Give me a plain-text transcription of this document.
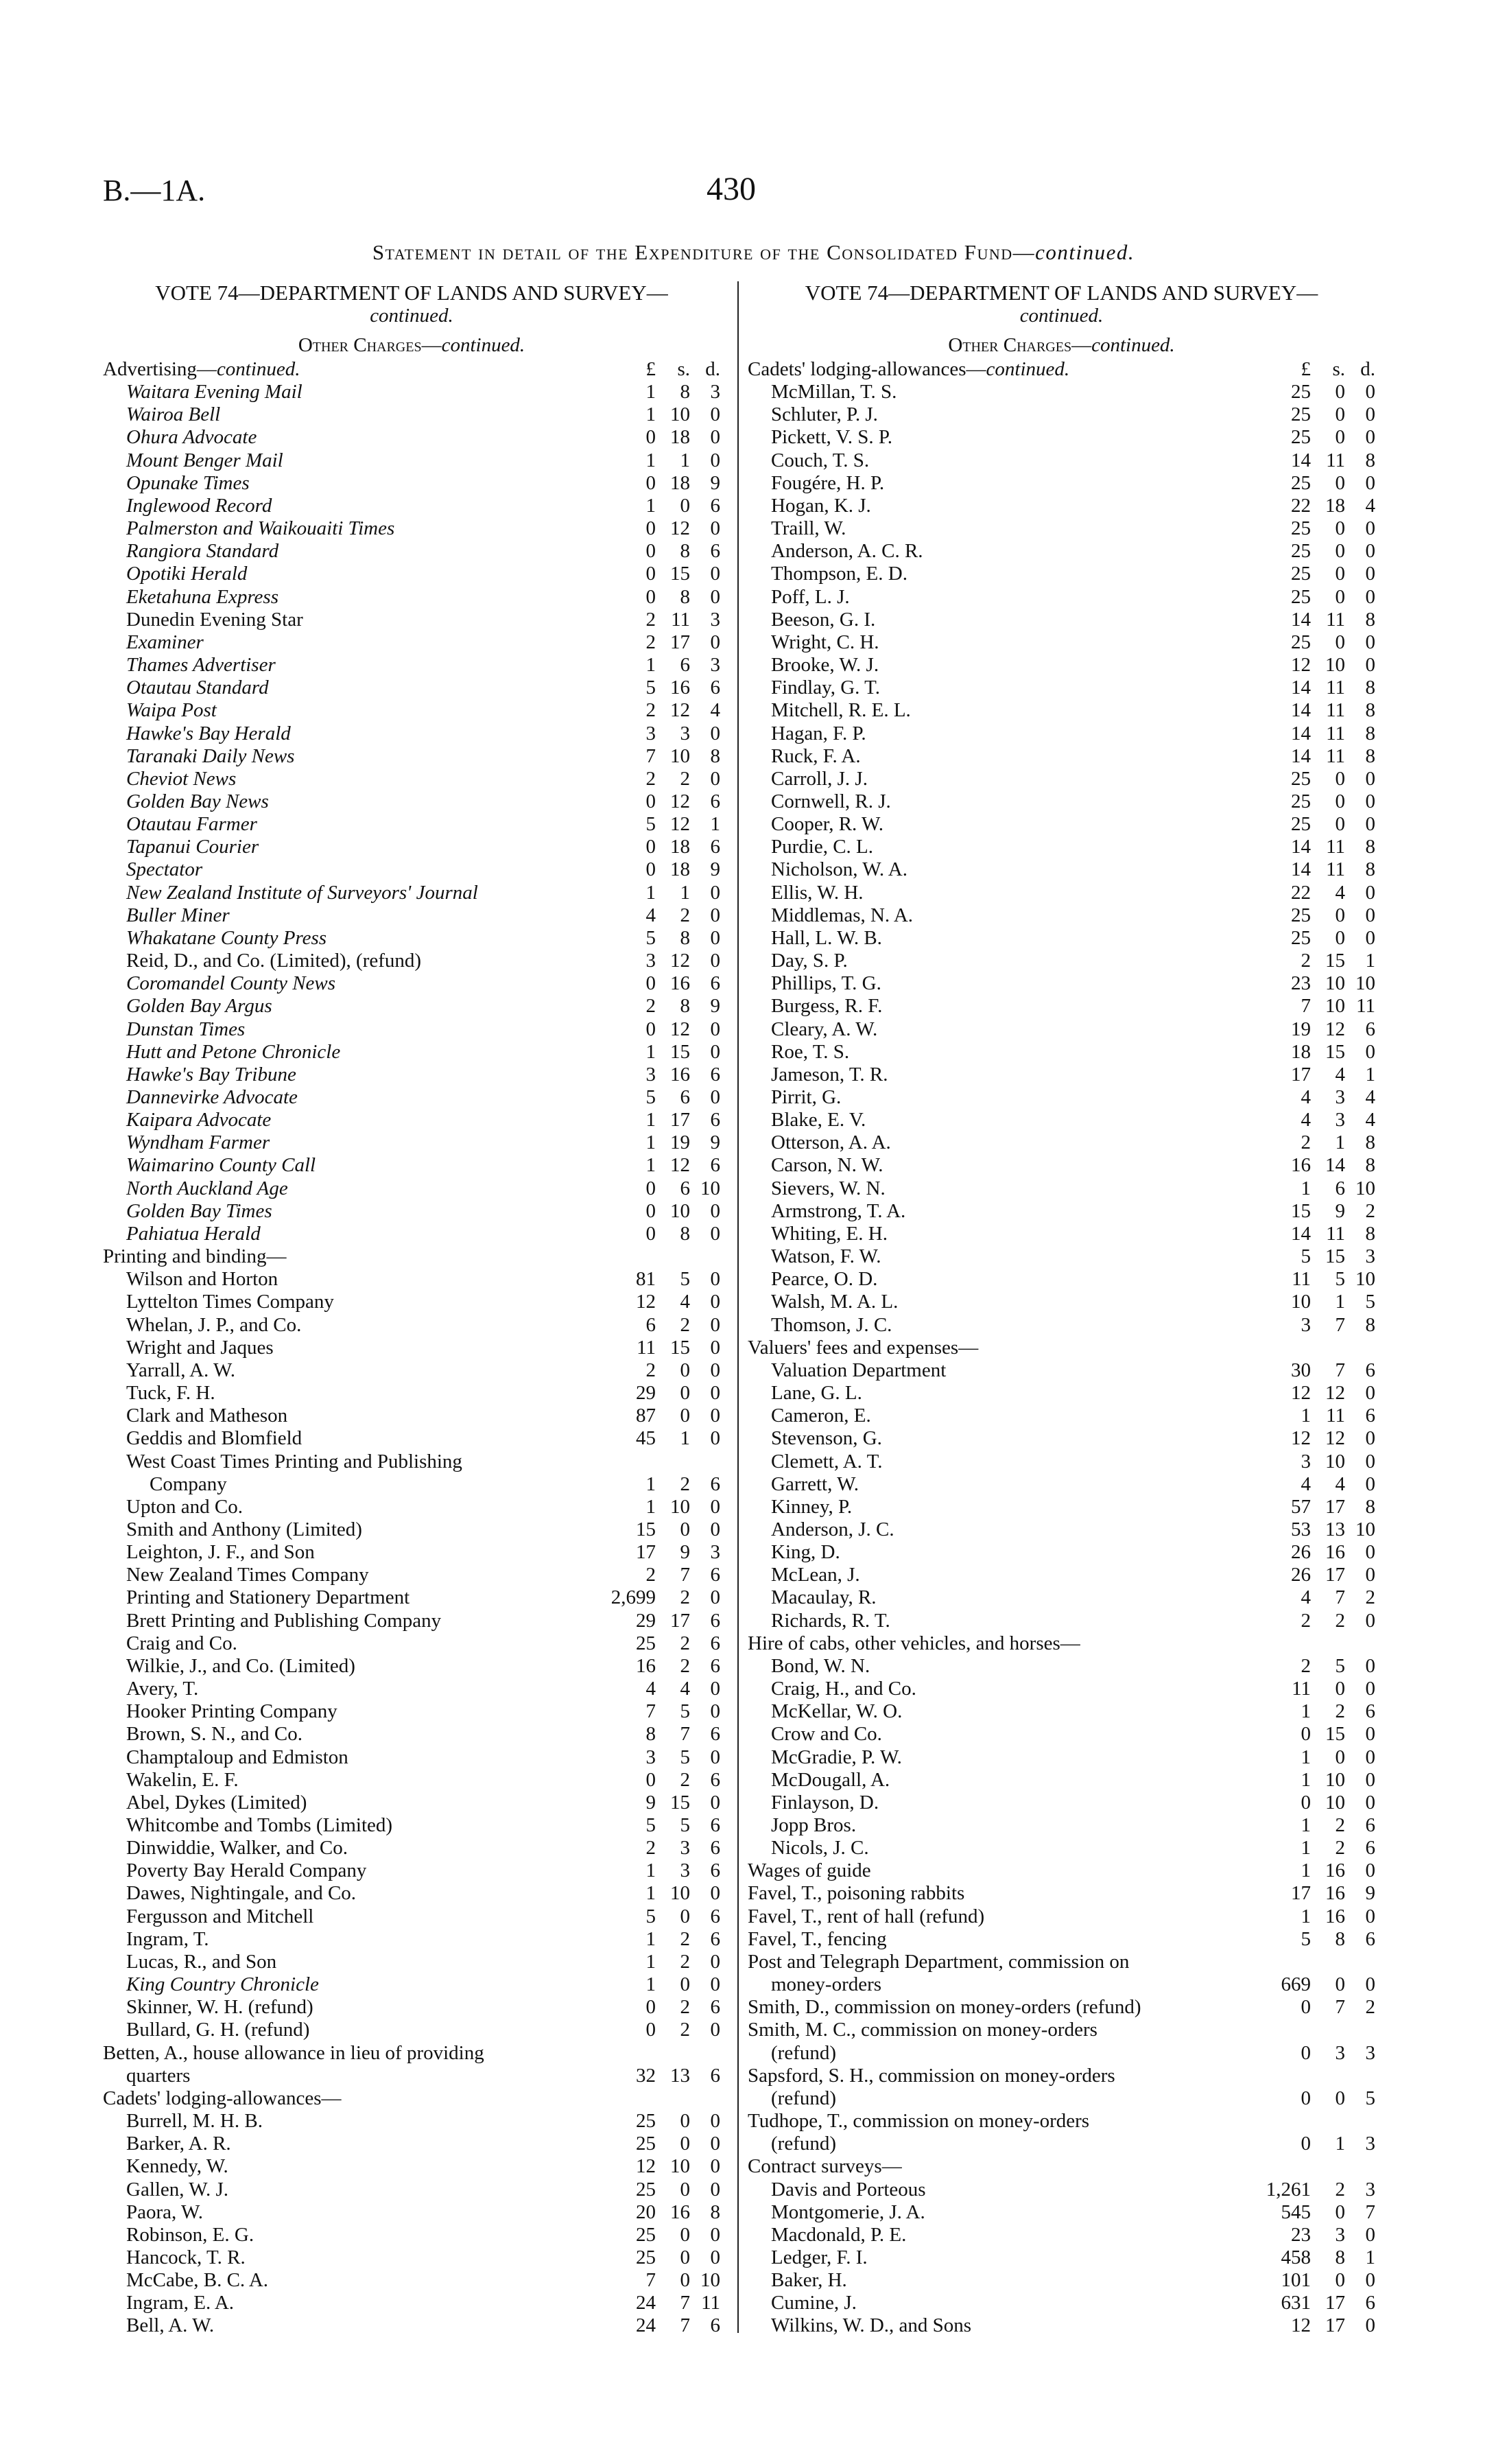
B.—1A.	430
Statement in detail of the Expenditure of the Consolidated Fund—continued.
VOTE 74—DEPARTMENT OF LANDS AND SURVEY—
continued.
Other Charges—continued.
Advertising—continued.	£	s.	d.
Waitara Evening Mail	1	8	3
Wairoa Bell	1	10	0
Ohura Advocate	0	18	0
Mount Benger Mail	1	1	0
Opunake Times	0	18	9
Inglewood Record	1	0	6
Palmerston and Waikouaiti Times	0	12	0
Rangiora Standard	0	8	6
Opotiki Herald	0	15	0
Eketahuna Express	0	8	0
Dunedin Evening Star	2	11	3
Examiner	2	17	0
Thames Advertiser	1	6	3
Otautau Standard	5	16	6
Waipa Post	2	12	4
Hawke's Bay Herald	3	3	0
Taranaki Daily News	7	10	8
Cheviot News	2	2	0
Golden Bay News	0	12	6
Otautau Farmer	5	12	1
Tapanui Courier	0	18	6
Spectator	0	18	9
New Zealand Institute of Surveyors' Journal	1	1	0
Buller Miner	4	2	0
Whakatane County Press	5	8	0
Reid, D., and Co. (Limited), (refund)	3	12	0
Coromandel County News	0	16	6
Golden Bay Argus	2	8	9
Dunstan Times	0	12	0
Hutt and Petone Chronicle	1	15	0
Hawke's Bay Tribune	3	16	6
Dannevirke Advocate	5	6	0
Kaipara Advocate	1	17	6
Wyndham Farmer	1	19	9
Waimarino County Call	1	12	6
North Auckland Age	0	6	10
Golden Bay Times	0	10	0
Pahiatua Herald	0	8	0
Printing and binding—			
Wilson and Horton	81	5	0
Lyttelton Times Company	12	4	0
Whelan, J. P., and Co.	6	2	0
Wright and Jaques	11	15	0
Yarrall, A. W.	2	0	0
Tuck, F. H.	29	0	0
Clark and Matheson	87	0	0
Geddis and Blomfield	45	1	0
West Coast Times Printing and Publishing			
Company	1	2	6
Upton and Co.	1	10	0
Smith and Anthony (Limited)	15	0	0
Leighton, J. F., and Son	17	9	3
New Zealand Times Company	2	7	6
Printing and Stationery Department	2,699	2	0
Brett Printing and Publishing Company	29	17	6
Craig and Co.	25	2	6
Wilkie, J., and Co. (Limited)	16	2	6
Avery, T.	4	4	0
Hooker Printing Company	7	5	0
Brown, S. N., and Co.	8	7	6
Champtaloup and Edmiston	3	5	0
Wakelin, E. F.	0	2	6
Abel, Dykes (Limited)	9	15	0
Whitcombe and Tombs (Limited)	5	5	6
Dinwiddie, Walker, and Co.	2	3	6
Poverty Bay Herald Company	1	3	6
Dawes, Nightingale, and Co.	1	10	0
Fergusson and Mitchell	5	0	6
Ingram, T.	1	2	6
Lucas, R., and Son	1	2	0
King Country Chronicle	1	0	0
Skinner, W. H. (refund)	0	2	6
Bullard, G. H. (refund)	0	2	0
Betten, A., house allowance in lieu of providing			
quarters	32	13	6
Cadets' lodging-allowances—			
Burrell, M. H. B.	25	0	0
Barker, A. R.	25	0	0
Kennedy, W.	12	10	0
Gallen, W. J.	25	0	0
Paora, W.	20	16	8
Robinson, E. G.	25	0	0
Hancock, T. R.	25	0	0
McCabe, B. C. A.	7	0	10
Ingram, E. A.	24	7	11
Bell, A. W.	24	7	6
VOTE 74—DEPARTMENT OF LANDS AND SURVEY—
continued.
Other Charges—continued.
Cadets' lodging-allowances—continued.	£	s.	d.
McMillan, T. S.	25	0	0
Schluter, P. J.	25	0	0
Pickett, V. S. P.	25	0	0
Couch, T. S.	14	11	8
Fougére, H. P.	25	0	0
Hogan, K. J.	22	18	4
Traill, W.	25	0	0
Anderson, A. C. R.	25	0	0
Thompson, E. D.	25	0	0
Poff, L. J.	25	0	0
Beeson, G. I.	14	11	8
Wright, C. H.	25	0	0
Brooke, W. J.	12	10	0
Findlay, G. T.	14	11	8
Mitchell, R. E. L.	14	11	8
Hagan, F. P.	14	11	8
Ruck, F. A.	14	11	8
Carroll, J. J.	25	0	0
Cornwell, R. J.	25	0	0
Cooper, R. W.	25	0	0
Purdie, C. L.	14	11	8
Nicholson, W. A.	14	11	8
Ellis, W. H.	22	4	0
Middlemas, N. A.	25	0	0
Hall, L. W. B.	25	0	0
Day, S. P.	2	15	1
Phillips, T. G.	23	10	10
Burgess, R. F.	7	10	11
Cleary, A. W.	19	12	6
Roe, T. S.	18	15	0
Jameson, T. R.	17	4	1
Pirrit, G.	4	3	4
Blake, E. V.	4	3	4
Otterson, A. A.	2	1	8
Carson, N. W.	16	14	8
Sievers, W. N.	1	6	10
Armstrong, T. A.	15	9	2
Whiting, E. H.	14	11	8
Watson, F. W.	5	15	3
Pearce, O. D.	11	5	10
Walsh, M. A. L.	10	1	5
Thomson, J. C.	3	7	8
Valuers' fees and expenses—			
Valuation Department	30	7	6
Lane, G. L.	12	12	0
Cameron, E.	1	11	6
Stevenson, G.	12	12	0
Clemett, A. T.	3	10	0
Garrett, W.	4	4	0
Kinney, P.	57	17	8
Anderson, J. C.	53	13	10
King, D.	26	16	0
McLean, J.	26	17	0
Macaulay, R.	4	7	2
Richards, R. T.	2	2	0
Hire of cabs, other vehicles, and horses—			
Bond, W. N.	2	5	0
Craig, H., and Co.	11	0	0
McKellar, W. O.	1	2	6
Crow and Co.	0	15	0
McGradie, P. W.	1	0	0
McDougall, A.	1	10	0
Finlayson, D.	0	10	0
Jopp Bros.	1	2	6
Nicols, J. C.	1	2	6
Wages of guide	1	16	0
Favel, T., poisoning rabbits	17	16	9
Favel, T., rent of hall (refund)	1	16	0
Favel, T., fencing	5	8	6
Post and Telegraph Department, commission on			
money-orders	669	0	0
Smith, D., commission on money-orders (refund)	0	7	2
Smith, M. C., commission on money-orders			
(refund)	0	3	3
Sapsford, S. H., commission on money-orders			
(refund)	0	0	5
Tudhope, T., commission on money-orders			
(refund)	0	1	3
Contract surveys—			
Davis and Porteous	1,261	2	3
Montgomerie, J. A.	545	0	7
Macdonald, P. E.	23	3	0
Ledger, F. I.	458	8	1
Baker, H.	101	0	0
Cumine, J.	631	17	6
Wilkins, W. D., and Sons	12	17	0
